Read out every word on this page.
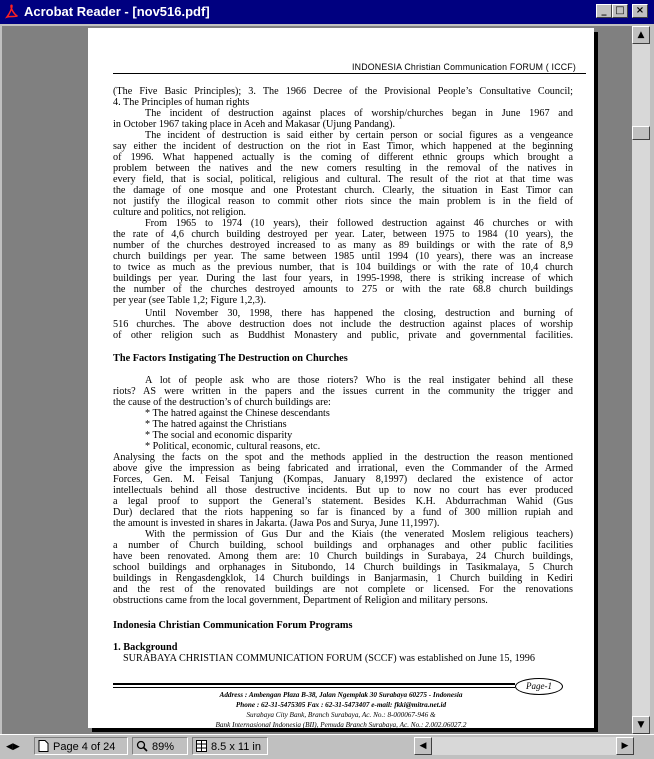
Acrobat Reader - [nov516.pdf]	_ □	×
INDONESIA Christian Communication FORUM ( ICCF)

(The Five Basic Principles); 3. The 1966 Decree of the Provisional People’s Consultative Council;

4. The Principles of human rights

The incident of destruction against places of worship/churches began in June 1967 and

in October 1967 taking place in Aceh and Makasar (Ujung Pandang).

The incident of destruction is said either by certain person or social figures as a vengeance

say either the incident of destruction on the riot in East Timor, which happened at the beginning

of 1996. What happened actually is the coming of different ethnic groups which brought a

problem between the natives and the new comers resulting in the removal of the natives in

every field, that is social, political, religious and cultural. The result of the riot at that time was

the damage of one mosque and one Protestant church. Clearly, the situation in East Timor can

not justify the illogical reason to commit other riots since the main problem is in the field of

culture and politics, not religion.

From 1965 to 1974 (10 years), their followed destruction against 46 churches or with

the rate of 4,6 church building destroyed per year. Later, between 1975 to 1984 (10 years), the

number of the churches destroyed increased to as many as 89 buildings or with the rate of 8,9

church buildings per year. The same between 1985 until 1994 (10 years), there was an increase

to twice as much as the previous number, that is 104 buildings or with the rate of 10,4 church

buildings per year. During the last four years, in 1995-1998, there is striking increase of which

the number of the churches destroyed amounts to 275 or with the rate 68.8 church buildings

per year (see Table 1,2; Figure 1,2,3).

Until November 30, 1998, there has happened the closing, destruction and burning of

516 churches. The above destruction does not include the destruction against places of worship

of other religion such as Buddhist Monastery and public, private and governmental facilities.

The Factors Instigating The Destruction on Churches

A lot of people ask who are those rioters? Who is the real instigater behind all these

riots? AS were written in the papers and the issues current in the community the trigger and

the cause of the destruction’s of church buildings are:

* The hatred against the Chinese descendants

* The hatred against the Christians

* The social and economic disparity

* Political, economic, cultural reasons, etc.

Analysing the facts on the spot and the methods applied in the destruction the reason mentioned

above give the impression as being fabricated and irrational, even the Commander of the Armed

Forces, Gen. M. Feisal Tanjung (Kompas, January 8,1997) declared the existence of actor

intellectuals behind all those destructive incidents. But up to now no court has ever produced

a legal proof to support the General’s statement. Besides K.H. Abdurrachman Wahid (Gus

Dur) declared that the riots happening so far is financed by a fund of 300 million rupiah and

the amount is invested in shares in Jakarta. (Jawa Pos and Surya, June 11,1997).

With the permission of Gus Dur and the Kiais (the venerated Moslem religious teachers)

a number of Church building, school buildings and orphanages and other public facilities

have been renovated. Among them are: 10 Church buildings in Surabaya, 24 Church buildings,

school buildings and orphanages in Situbondo, 14 Church buildings in Tasikmalaya, 5 Church

buildings in Rengasdengklok, 14 Church buildings in Banjarmasin, 1 Church building in Kediri

and the rest of the renovated buildings are not complete or licensed. For the renovations

obstructions came from the local government, Department of Religion and military persons.

Indonesia Christian Communication Forum Programs
1. Background

SURABAYA CHRISTIAN COMMUNICATION FORUM (SCCF) was established on June 15, 1996

Page-1
Address : Ambengan Plaza B-38, Jalan Ngemplak 30 Surabaya 60275 - Indonesia
Phone : 62-31-5475305 Fax : 62-31-5473407 e-mail: fkki@mitra.net.id
Surabaya City Bank, Branch Surabaya, Ac. No.: 8-000067-946 &
Bank Internasional Indonesia (BII), Pemuda Branch Surabaya, Ac. No.: 2.002.06027.2
▲
▼
◀▶	Page 4 of 24	89%	8.5 x 11 in	◀	▶
